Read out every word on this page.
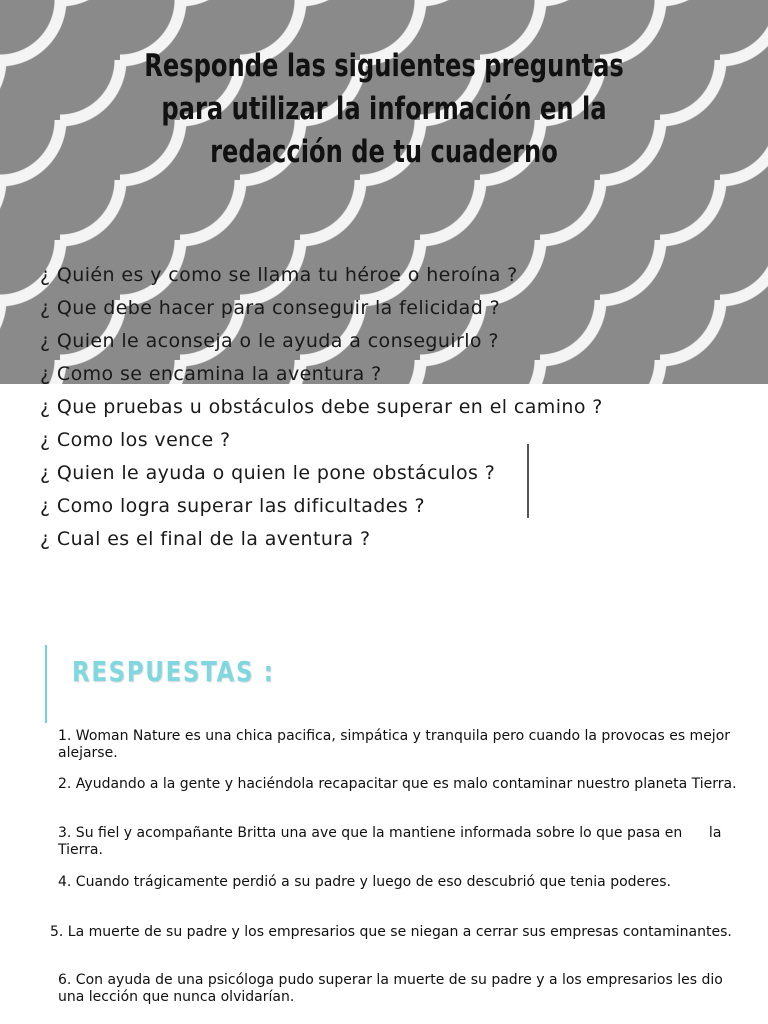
Responde las siguientes preguntas para utilizar la información en la redacción de tu cuaderno
¿ Quién es y como se llama tu héroe o heroína ?
¿ Que debe hacer para conseguir la felicidad ?
¿ Quien le aconseja o le ayuda a conseguirlo ?
¿ Como se encamina la aventura ?
¿ Que pruebas u obstáculos debe superar en el camino ?
¿ Como los vence ?
¿ Quien le ayuda o quien le pone obstáculos ?
¿ Como logra superar las dificultades ?
¿ Cual es el final de la aventura ?
RESPUESTAS :

1. Woman Nature es una chica pacifica, simpática y tranquila pero cuando la provocas es mejor alejarse.

2. Ayudando a la gente y haciéndola recapacitar que es malo contaminar nuestro planeta Tierra.

3. Su fiel y acompañante Britta una ave que la mantiene informada sobre lo que pasa en      la Tierra.

4. Cuando trágicamente perdió a su padre y luego de eso descubrió que tenia poderes.

5. La muerte de su padre y los empresarios que se niegan a cerrar sus empresas contaminantes.

6. Con ayuda de una psicóloga pudo superar la muerte de su padre y a los empresarios les dio una lección que nunca olvidarían.
